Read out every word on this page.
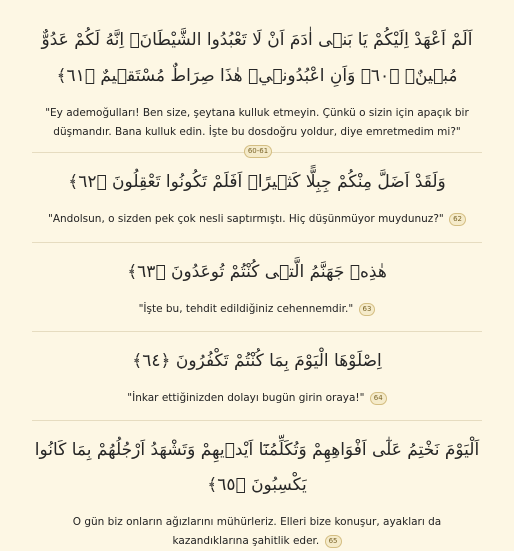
اَلَمْ اَعْهَدْ اِلَيْكُمْ يَا بَنٖى اٰدَمَ اَنْ لَا تَعْبُدُوا الشَّيْطَانَۚ اِنَّهُ لَكُمْ عَدُوٌّ مُبٖينٌۙ ﴿٦٠﴾ وَاَنِ اعْبُدُونٖيۜ هٰذَا صِرَاطٌ مُسْتَقٖيمٌ ﴿٦١﴾

"Ey ademoğulları! Ben size, şeytana kulluk etmeyin. Çünkü o sizin için apaçık bir düşmandır. Bana kulluk edin. İşte bu dosdoğru yoldur, diye emretmedim mi?" 60-61

وَلَقَدْ اَضَلَّ مِنْكُمْ جِبِلًّا كَثٖيرًاۜ اَفَلَمْ تَكُونُوا تَعْقِلُونَ ﴿٦٢﴾

"Andolsun, o sizden pek çok nesli saptırmıştı. Hiç düşünmüyor muydunuz?" 62

هٰذِهٖ جَهَنَّمُ الَّتٖى كُنْتُمْ تُوعَدُونَ ﴿٦٣﴾

"İşte bu, tehdit edildiğiniz cehennemdir." 63

اِصْلَوْهَا الْيَوْمَ بِمَا كُنْتُمْ تَكْفُرُونَ ﴿٦٤﴾

"İnkar ettiğinizden dolayı bugün girin oraya!" 64

اَلْيَوْمَ نَخْتِمُ عَلٰٓى اَفْوَاهِهِمْ وَتُكَلِّمُنَٓا اَيْدٖيهِمْ وَتَشْهَدُ اَرْجُلُهُمْ بِمَا كَانُوا يَكْسِبُونَ ﴿٦٥﴾

O gün biz onların ağızlarını mühürleriz. Elleri bize konuşur, ayakları da kazandıklarına şahitlik eder. 65
